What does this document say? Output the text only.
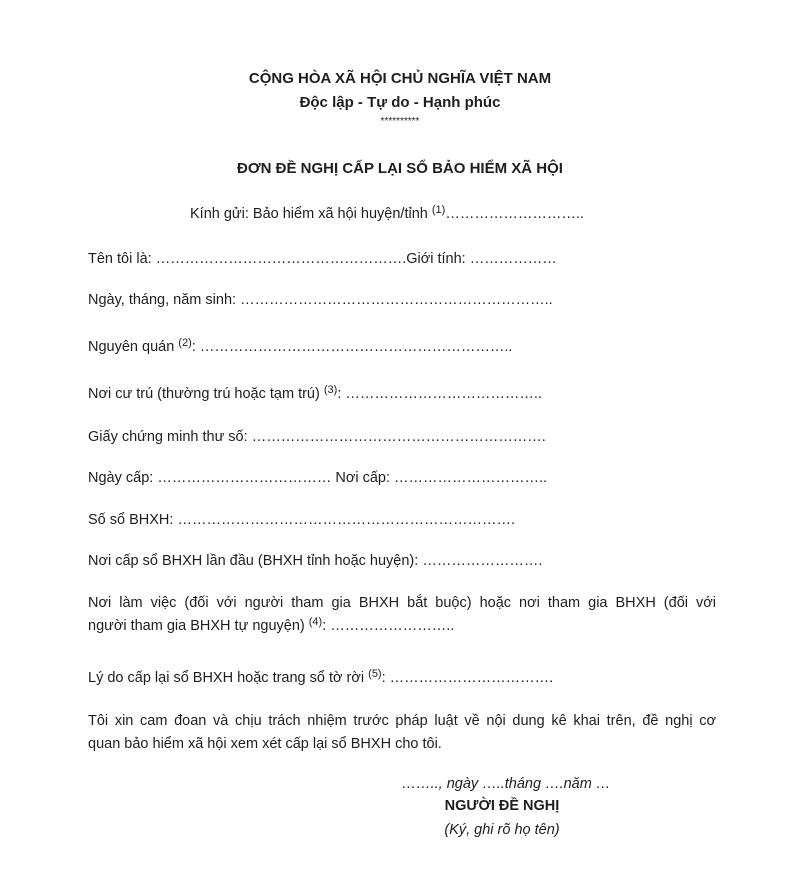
CỘNG HÒA XÃ HỘI CHỦ NGHĨA VIỆT NAM
Độc lập - Tự do - Hạnh phúc
**********
ĐƠN ĐỀ NGHỊ CẤP LẠI SỔ BẢO HIỂM XÃ HỘI
Kính gửi: Bảo hiểm xã hội huyện/tỉnh $^{(1)}$………………………..
Tên tôi là: …………………………………………….Giới tính: ………………
Ngày, tháng, năm sinh: ………………………………………………………..
Nguyên quán $^{(2)}$: ………………………………………………………..
Nơi cư trú (thường trú hoặc tạm trú) $^{(3)}$: …………………………………..
Giấy chứng minh thư số: …………………………………………………….
Ngày cấp: ……………………………… Nơi cấp: …………………………..
Số sổ BHXH: …………………………………………………………….
Nơi cấp sổ BHXH lần đầu (BHXH tỉnh hoặc huyện): …………………….
Nơi làm việc (đối với người tham gia BHXH bắt buộc) hoặc nơi tham gia BHXH (đối với
người tham gia BHXH tự nguyện) $^{(4)}$: ……………………..
Lý do cấp lại sổ BHXH hoặc trang sổ tờ rời $^{(5)}$: …………………………….
Tôi xin cam đoan và chịu trách nhiệm trước pháp luật về nội dung kê khai trên, đề nghị cơ
quan bảo hiểm xã hội xem xét cấp lại sổ BHXH cho tôi.
…….., ngày …..tháng ….năm …
NGƯỜI ĐỀ NGHỊ
(Ký, ghi rõ họ tên)
